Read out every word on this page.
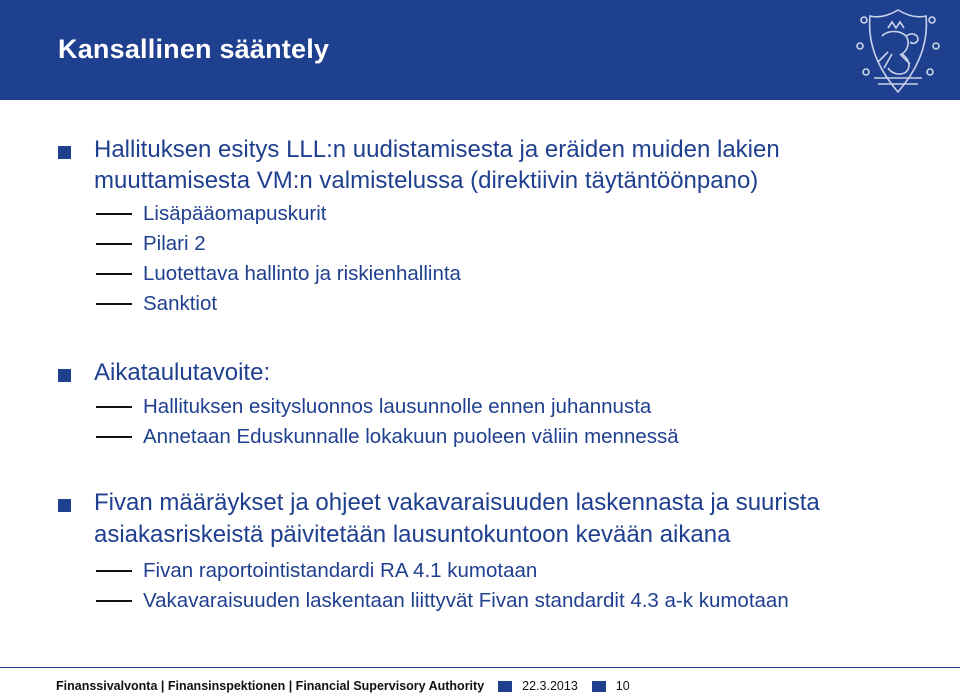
Kansallinen sääntely
Hallituksen esitys LLL:n uudistamisesta ja eräiden muiden lakien
muuttamisesta VM:n valmistelussa (direktiivin täytäntöönpano)
Lisäpääomapuskurit
Pilari 2
Luotettava hallinto ja riskienhallinta
Sanktiot
Aikataulutavoite:
Hallituksen esitysluonnos lausunnolle ennen juhannusta
Annetaan Eduskunnalle lokakuun puoleen väliin mennessä
Fivan määräykset ja ohjeet vakavaraisuuden laskennasta ja suurista
asiakasriskeistä päivitetään lausuntokuntoon kevään aikana
Fivan raportointistandardi RA 4.1 kumotaan
Vakavaraisuuden laskentaan liittyvät Fivan standardit 4.3 a-k kumotaan
Finanssivalvonta | Finansinspektionen | Financial Supervisory Authority	22.3.2013	10
